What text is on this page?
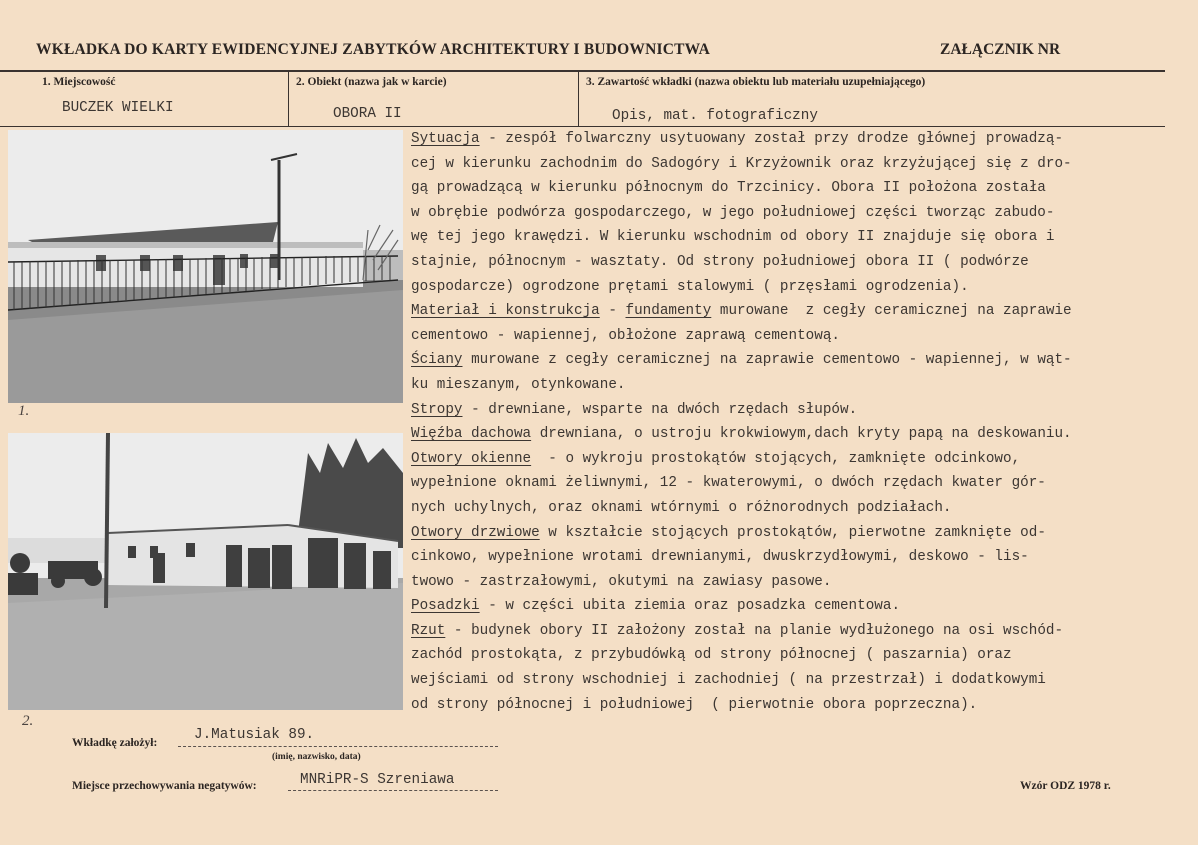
WKŁADKA DO KARTY EWIDENCYJNEJ ZABYTKÓW ARCHITEKTURY I BUDOWNICTWA	ZAŁĄCZNIK NR
1. Miejscowość
BUCZEK WIELKI
2. Obiekt (nazwa jak w karcie)
OBORA II
3. Zawartość wkładki (nazwa obiektu lub materiału uzupełniającego)
Opis, mat. fotograficzny
1.
2.
Sytuacja - zespół folwarczny usytuowany został przy drodze głównej prowadzą-
cej w kierunku zachodnim do Sadogóry i Krzyżownik oraz krzyżującej się z dro-
gą prowadzącą w kierunku północnym do Trzcinicy. Obora II położona została
w obrębie podwórza gospodarczego, w jego południowej części tworząc zabudo-
wę tej jego krawędzi. W kierunku wschodnim od obory II znajduje się obora i
stajnie, północnym - wasztaty. Od strony południowej obora II ( podwórze
gospodarcze) ogrodzone prętami stalowymi ( przęsłami ogrodzenia).
Materiał i konstrukcja - fundamenty murowane  z cegły ceramicznej na zaprawie
cementowo - wapiennej, obłożone zaprawą cementową.
Ściany murowane z cegły ceramicznej na zaprawie cementowo - wapiennej, w wąt-
ku mieszanym, otynkowane.
Stropy - drewniane, wsparte na dwóch rzędach słupów.
Więźba dachowa drewniana, o ustroju krokwiowym,dach kryty papą na deskowaniu.
Otwory okienne  - o wykroju prostokątów stojących, zamknięte odcinkowo,
wypełnione oknami żeliwnymi, 12 - kwaterowymi, o dwóch rzędach kwater gór-
nych uchylnych, oraz oknami wtórnymi o różnorodnych podziałach.
Otwory drzwiowe w kształcie stojących prostokątów, pierwotne zamknięte od-
cinkowo, wypełnione wrotami drewnianymi, dwuskrzydłowymi, deskowo - lis-
twowo - zastrzałowymi, okutymi na zawiasy pasowe.
Posadzki - w części ubita ziemia oraz posadzka cementowa.
Rzut - budynek obory II założony został na planie wydłużonego na osi wschód-
zachód prostokąta, z przybudówką od strony północnej ( paszarnia) oraz
wejściami od strony wschodniej i zachodniej ( na przestrzał) i dodatkowymi
od strony północnej i południowej  ( pierwotnie obora poprzeczna).
Wkładkę założył:	J.Matusiak 89.
(imię, nazwisko, data)
Miejsce przechowywania negatywów:	MNRiPR-S Szreniawa	Wzór ODZ 1978 r.
